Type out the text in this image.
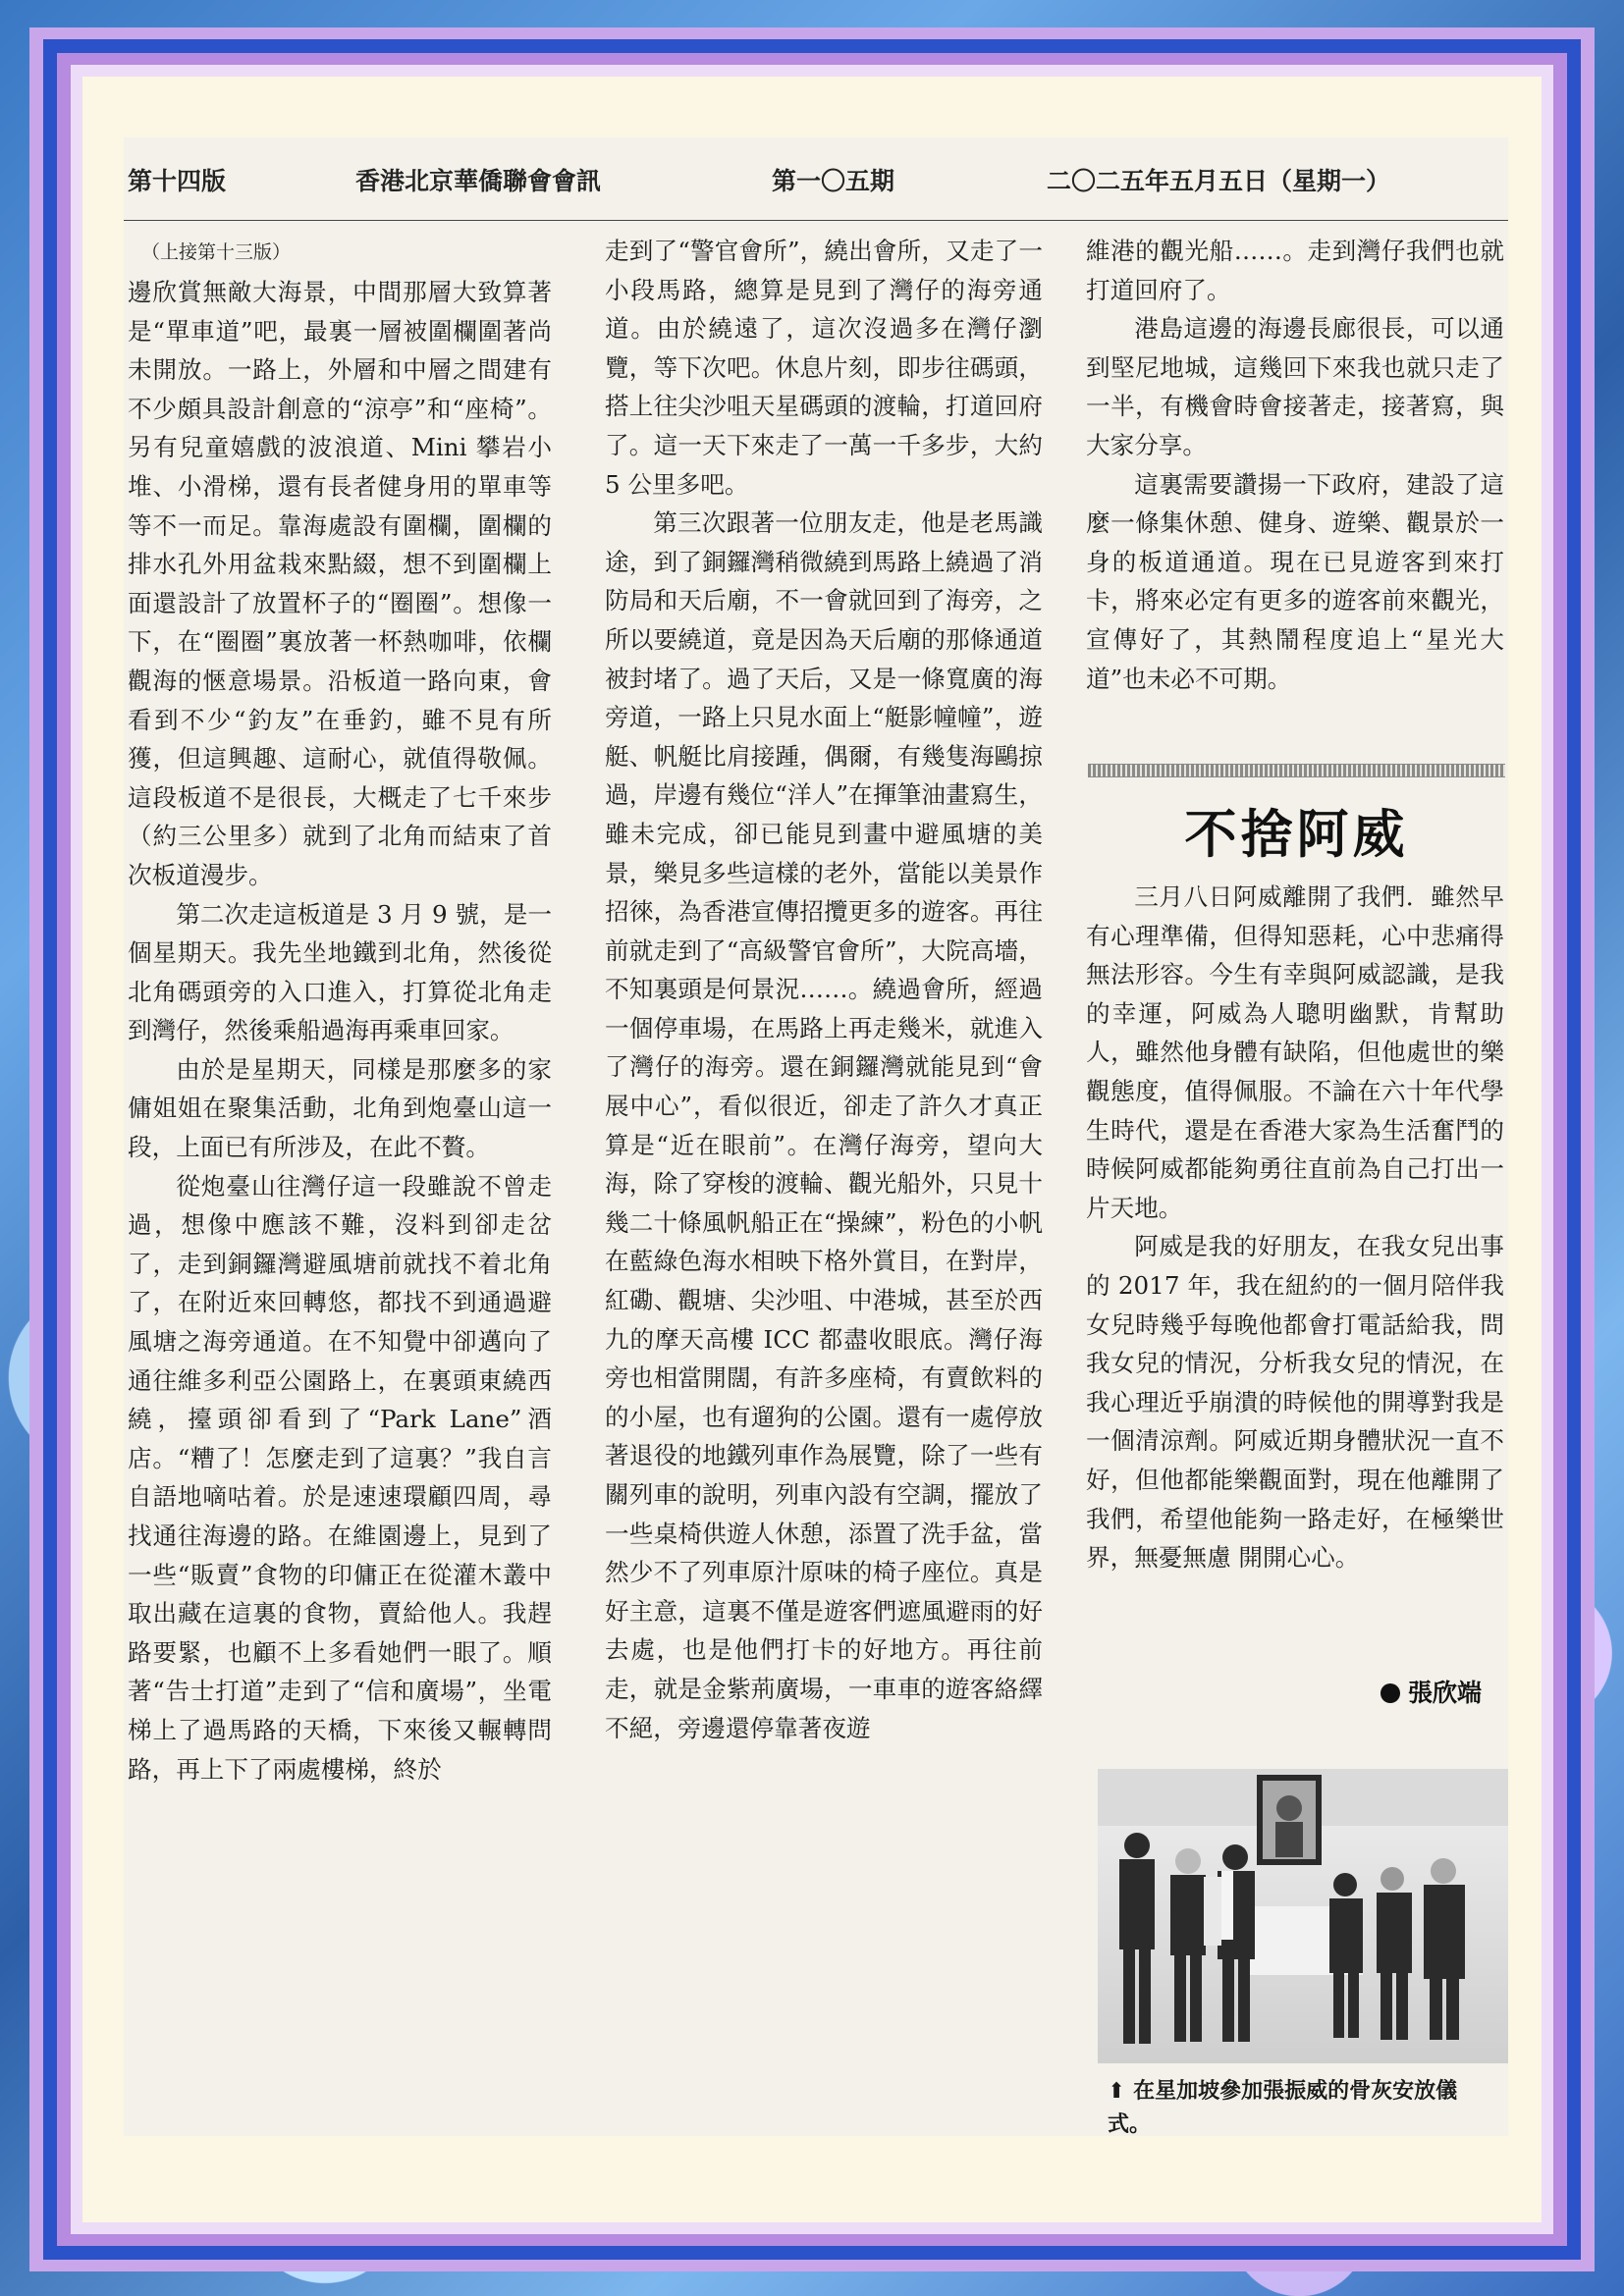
第十四版	香港北京華僑聯會會訊	第一〇五期	二〇二五年五月五日（星期一）
（上接第十三版）

邊欣賞無敵大海景，中間那層大致算著是“單車道”吧，最裏一層被圍欄圍著尚未開放。一路上，外層和中層之間建有不少頗具設計創意的“涼亭”和“座椅”。另有兒童嬉戲的波浪道、Mini 攀岩小堆、小滑梯，還有長者健身用的單車等等不一而足。靠海處設有圍欄，圍欄的排水孔外用盆栽來點綴，想不到圍欄上面還設計了放置杯子的“圈圈”。想像一下，在“圈圈”裏放著一杯熱咖啡，依欄觀海的愜意場景。沿板道一路向東，會看到不少“釣友”在垂釣，雖不見有所獲，但這興趣、這耐心，就值得敬佩。這段板道不是很長，大概走了七千來步（約三公里多）就到了北角而結束了首次板道漫步。

第二次走這板道是 3 月 9 號，是一個星期天。我先坐地鐵到北角，然後從北角碼頭旁的入口進入，打算從北角走到灣仔，然後乘船過海再乘車回家。

由於是星期天，同樣是那麼多的家傭姐姐在聚集活動，北角到炮臺山這一段，上面已有所涉及，在此不贅。

從炮臺山往灣仔這一段雖說不曾走過，想像中應該不難，沒料到卻走岔了，走到銅鑼灣避風塘前就找不着北角了，在附近來回轉悠，都找不到通過避風塘之海旁通道。在不知覺中卻邁向了通往維多利亞公園路上，在裏頭東繞西繞，擡頭卻看到了“Park Lane”酒店。“糟了！怎麼走到了這裏？”我自言自語地嘀咕着。於是速速環顧四周，尋找通往海邊的路。在維園邊上，見到了一些“販賣”食物的印傭正在從灌木叢中取出藏在這裏的食物，賣給他人。我趕路要緊，也顧不上多看她們一眼了。順著“告士打道”走到了“信和廣場”，坐電梯上了過馬路的天橋，下來後又輾轉問路，再上下了兩處樓梯，終於

走到了“警官會所”，繞出會所，又走了一小段馬路，總算是見到了灣仔的海旁通道。由於繞遠了，這次沒過多在灣仔瀏覽，等下次吧。休息片刻，即步往碼頭，搭上往尖沙咀天星碼頭的渡輪，打道回府了。這一天下來走了一萬一千多步，大約 5 公里多吧。

第三次跟著一位朋友走，他是老馬識途，到了銅鑼灣稍微繞到馬路上繞過了消防局和天后廟，不一會就回到了海旁，之所以要繞道，竟是因為天后廟的那條通道被封堵了。過了天后，又是一條寬廣的海旁道，一路上只見水面上“艇影幢幢”，遊艇、帆艇比肩接踵，偶爾，有幾隻海鷗掠過，岸邊有幾位“洋人”在揮筆油畫寫生，雖未完成，卻已能見到畫中避風塘的美景，樂見多些這樣的老外，當能以美景作招徠，為香港宣傳招攬更多的遊客。再往前就走到了“高級警官會所”，大院高墻，不知裏頭是何景況……。繞過會所，經過一個停車場，在馬路上再走幾米，就進入了灣仔的海旁。還在銅鑼灣就能見到“會展中心”，看似很近，卻走了許久才真正算是“近在眼前”。在灣仔海旁，望向大海，除了穿梭的渡輪、觀光船外，只見十幾二十條風帆船正在“操練”，粉色的小帆在藍綠色海水相映下格外賞目，在對岸，紅磡、觀塘、尖沙咀、中港城，甚至於西九的摩天高樓 ICC 都盡收眼底。灣仔海旁也相當開闊，有許多座椅，有賣飲料的的小屋，也有遛狗的公園。還有一處停放著退役的地鐵列車作為展覽，除了一些有關列車的說明，列車內設有空調，擺放了一些桌椅供遊人休憩，添置了洗手盆，當然少不了列車原汁原味的椅子座位。真是好主意，這裏不僅是遊客們遮風避雨的好去處，也是他們打卡的好地方。再往前走，就是金紫荊廣場，一車車的遊客絡繹不絕，旁邊還停靠著夜遊

維港的觀光船……。走到灣仔我們也就打道回府了。

港島這邊的海邊長廊很長，可以通到堅尼地城，這幾回下來我也就只走了一半，有機會時會接著走，接著寫，與大家分享。

這裏需要讚揚一下政府，建設了這麼一條集休憩、健身、遊樂、觀景於一身的板道通道。現在已見遊客到來打卡，將來必定有更多的遊客前來觀光，宣傳好了，其熱鬧程度追上“星光大道”也未必不可期。

不捨阿威

三月八日阿威離開了我們．雖然早有心理準備，但得知惡耗，心中悲痛得無法形容。今生有幸與阿威認識，是我的幸運，阿威為人聰明幽默，肯幫助人，雖然他身體有缺陷，但他處世的樂觀態度，值得佩服。不論在六十年代學生時代，還是在香港大家為生活奮鬥的時候阿威都能夠勇往直前為自己打出一片天地。

阿威是我的好朋友，在我女兒出事的 2017 年，我在紐約的一個月陪伴我女兒時幾乎每晚他都會打電話給我，問我女兒的情況，分析我女兒的情況，在我心理近乎崩潰的時候他的開導對我是一個清涼劑。阿威近期身體狀況一直不好，但他都能樂觀面對，現在他離開了我們，希望他能夠一路走好，在極樂世界，無憂無慮 開開心心。

張欣端
⬆ 在星加坡參加張振威的骨灰安放儀式。
